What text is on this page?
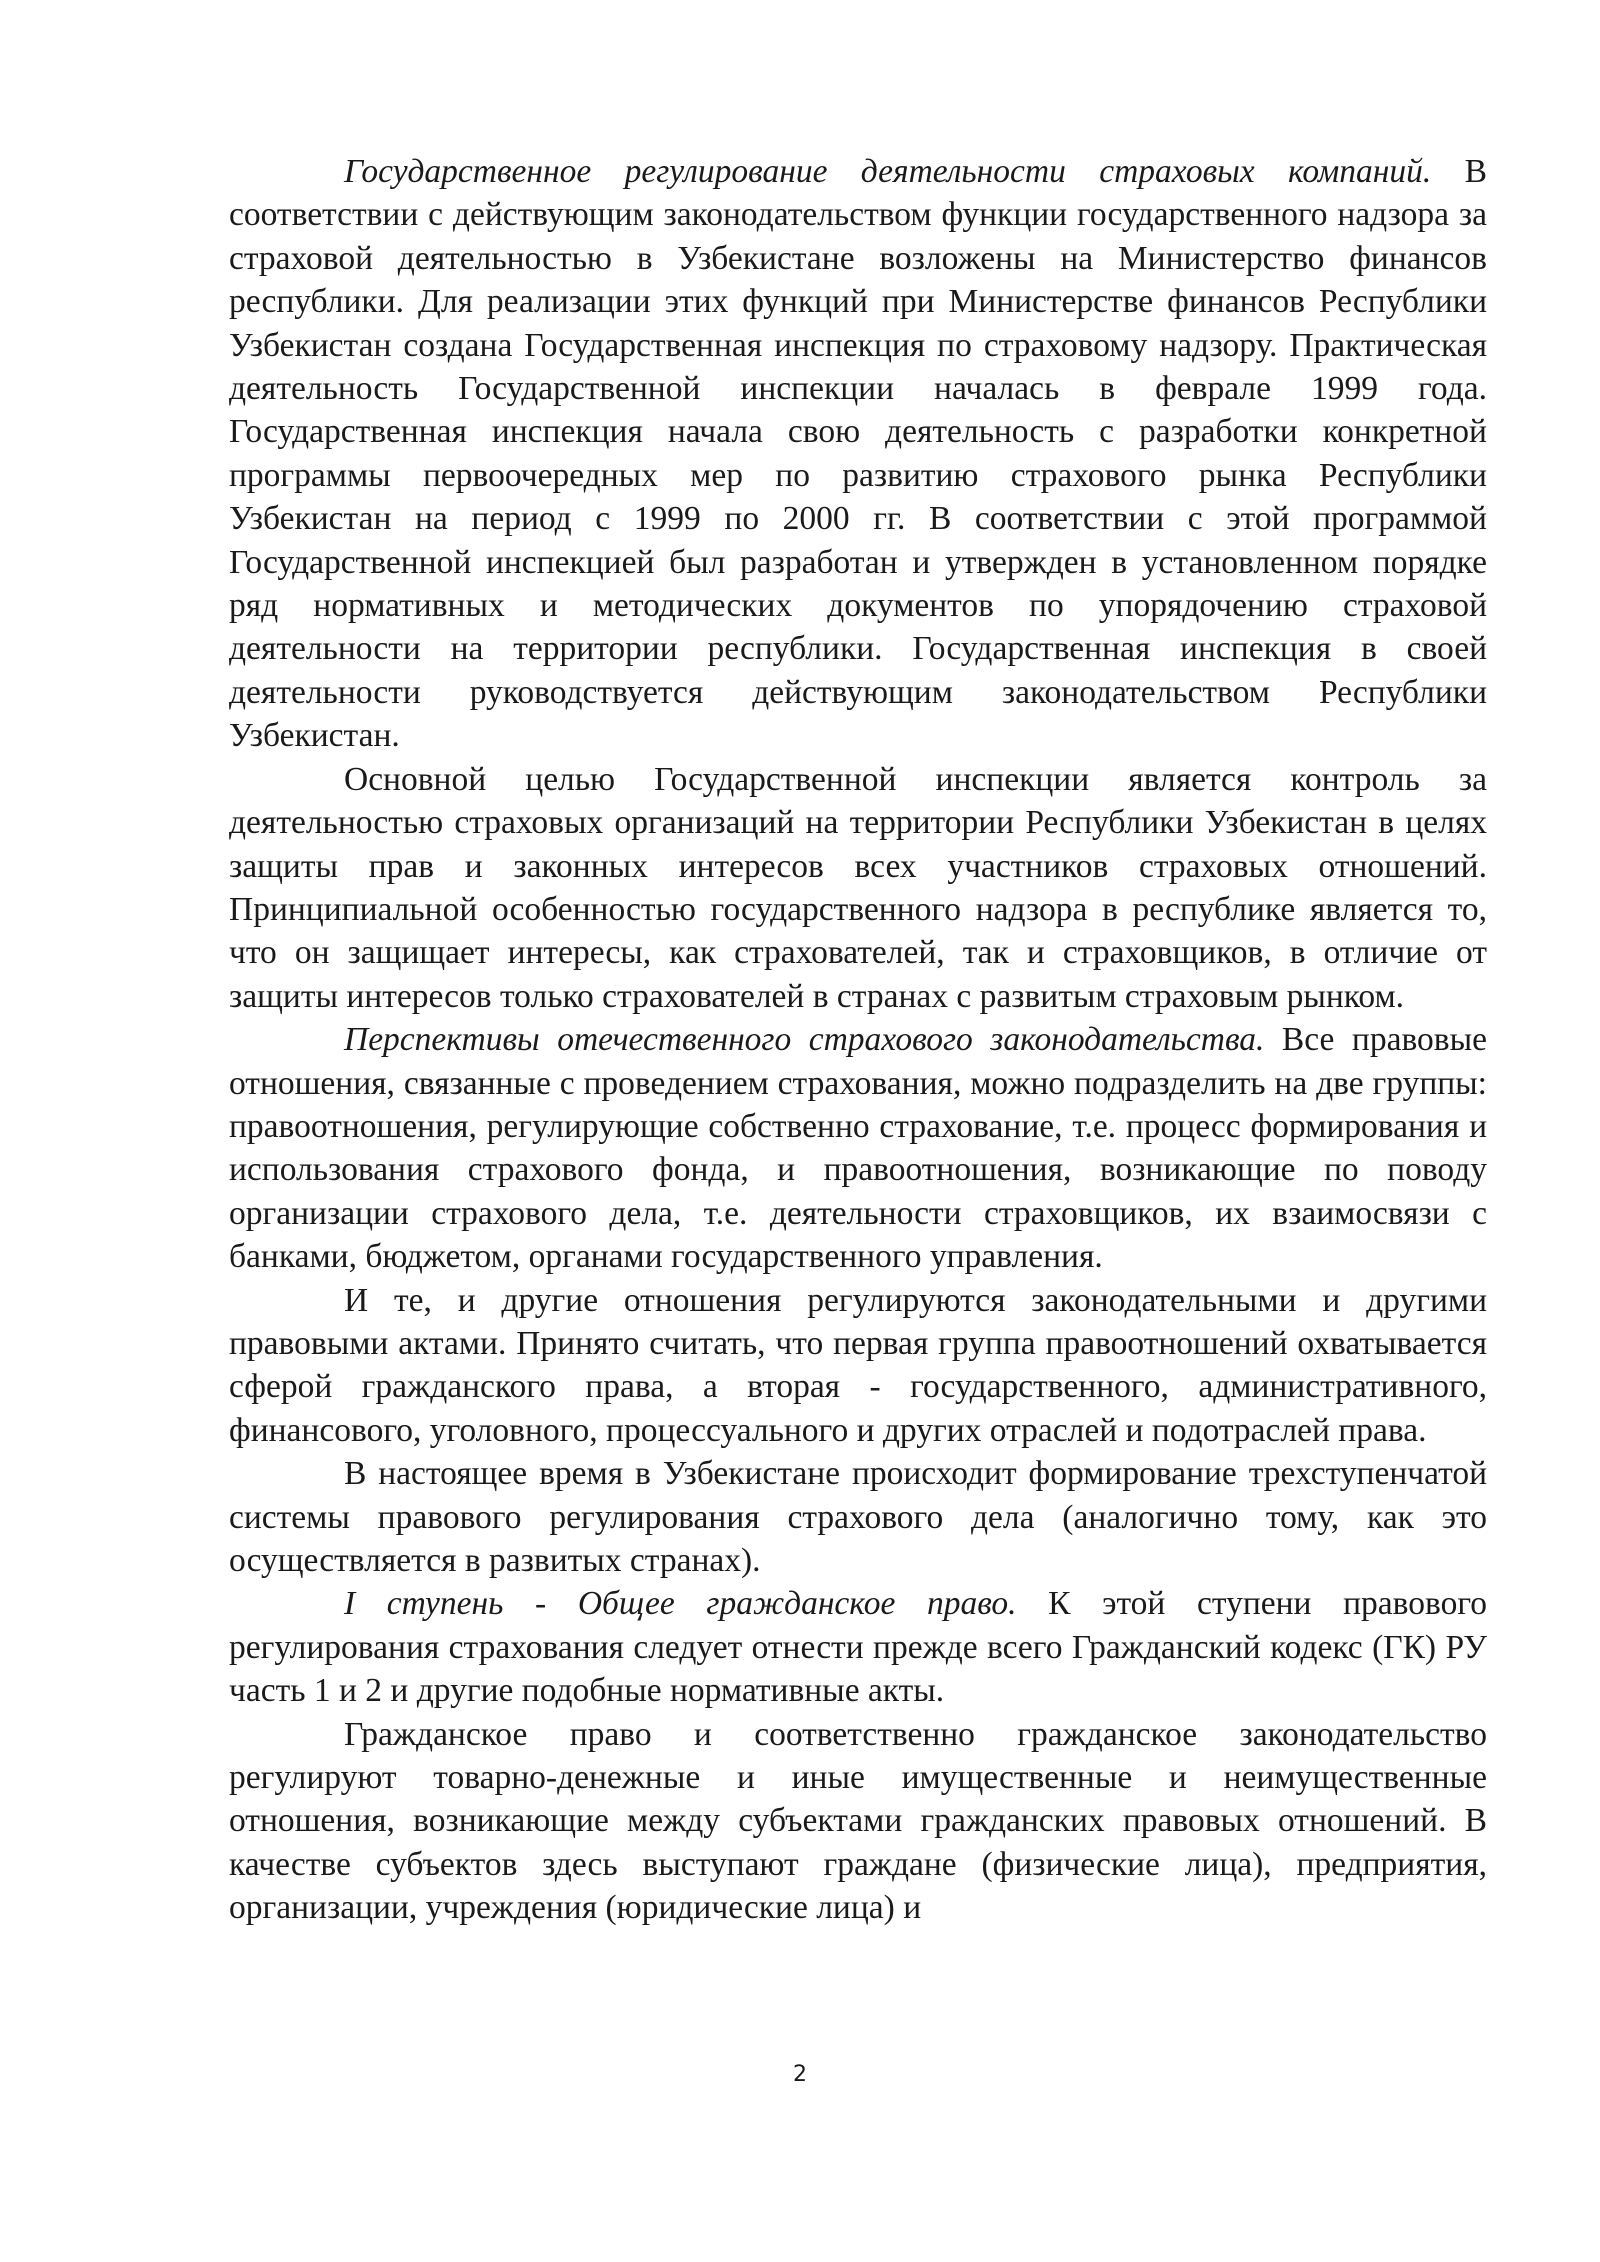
Государственное регулирование деятельности страховых компаний. В соответствии с действующим законодательством функции государственного надзора за страховой деятельностью в Узбекистане возложены на Министерство финансов республики. Для реализации этих функций при Министерстве финансов Республики Узбекистан создана Государственная инспекция по страховому надзору. Практическая деятельность Государственной инспекции началась в феврале 1999 года. Государственная инспекция начала свою деятельность с разработки конкретной программы первоочередных мер по развитию страхового рынка Республики Узбекистан на период с 1999 по 2000 гг. В соответствии с этой программой Государственной инспекцией был разработан и утвержден в установленном порядке ряд нормативных и методических документов по упорядочению страховой деятельности на территории республики. Государственная инспекция в своей деятельности руководствуется действующим законодательством Республики Узбекистан.

Основной целью Государственной инспекции является контроль за деятельностью страховых организаций на территории Республики Узбекистан в целях защиты прав и законных интересов всех участников страховых отношений. Принципиальной особенностью государственного надзора в республике является то, что он защищает интересы, как страхователей, так и страховщиков, в отличие от защиты интересов только страхователей в странах с развитым страховым рынком.

Перспективы отечественного страхового законодательства. Все правовые отношения, связанные с проведением страхования, можно подразделить на две группы: правоотношения, регулирующие собственно страхование, т.е. процесс формирования и использования страхового фонда, и правоотношения, возникающие по поводу организации страхового дела, т.е. деятельности страховщиков, их взаимосвязи с банками, бюджетом, органами государственного управления.

И те, и другие отношения регулируются законодательными и другими правовыми актами. Принято считать, что первая группа правоотношений охватывается сферой гражданского права, а вторая - государственного, административного, финансового, уголовного, процессуального и других отраслей и подотраслей права.

В настоящее время в Узбекистане происходит формирование трехступенчатой системы правового регулирования страхового дела (аналогично тому, как это осуществляется в развитых странах).

I ступень - Общее гражданское право. К этой ступени правового регулирования страхования следует отнести прежде всего Гражданский кодекс (ГК) РУ часть 1 и 2 и другие подобные нормативные акты.

Гражданское право и соответственно гражданское законодательство регулируют товарно-денежные и иные имущественные и неимущественные отношения, возникающие между субъектами гражданских правовых отношений. В качестве субъектов здесь выступают граждане (физические лица), предприятия, организации, учреждения (юридические лица) и

2
